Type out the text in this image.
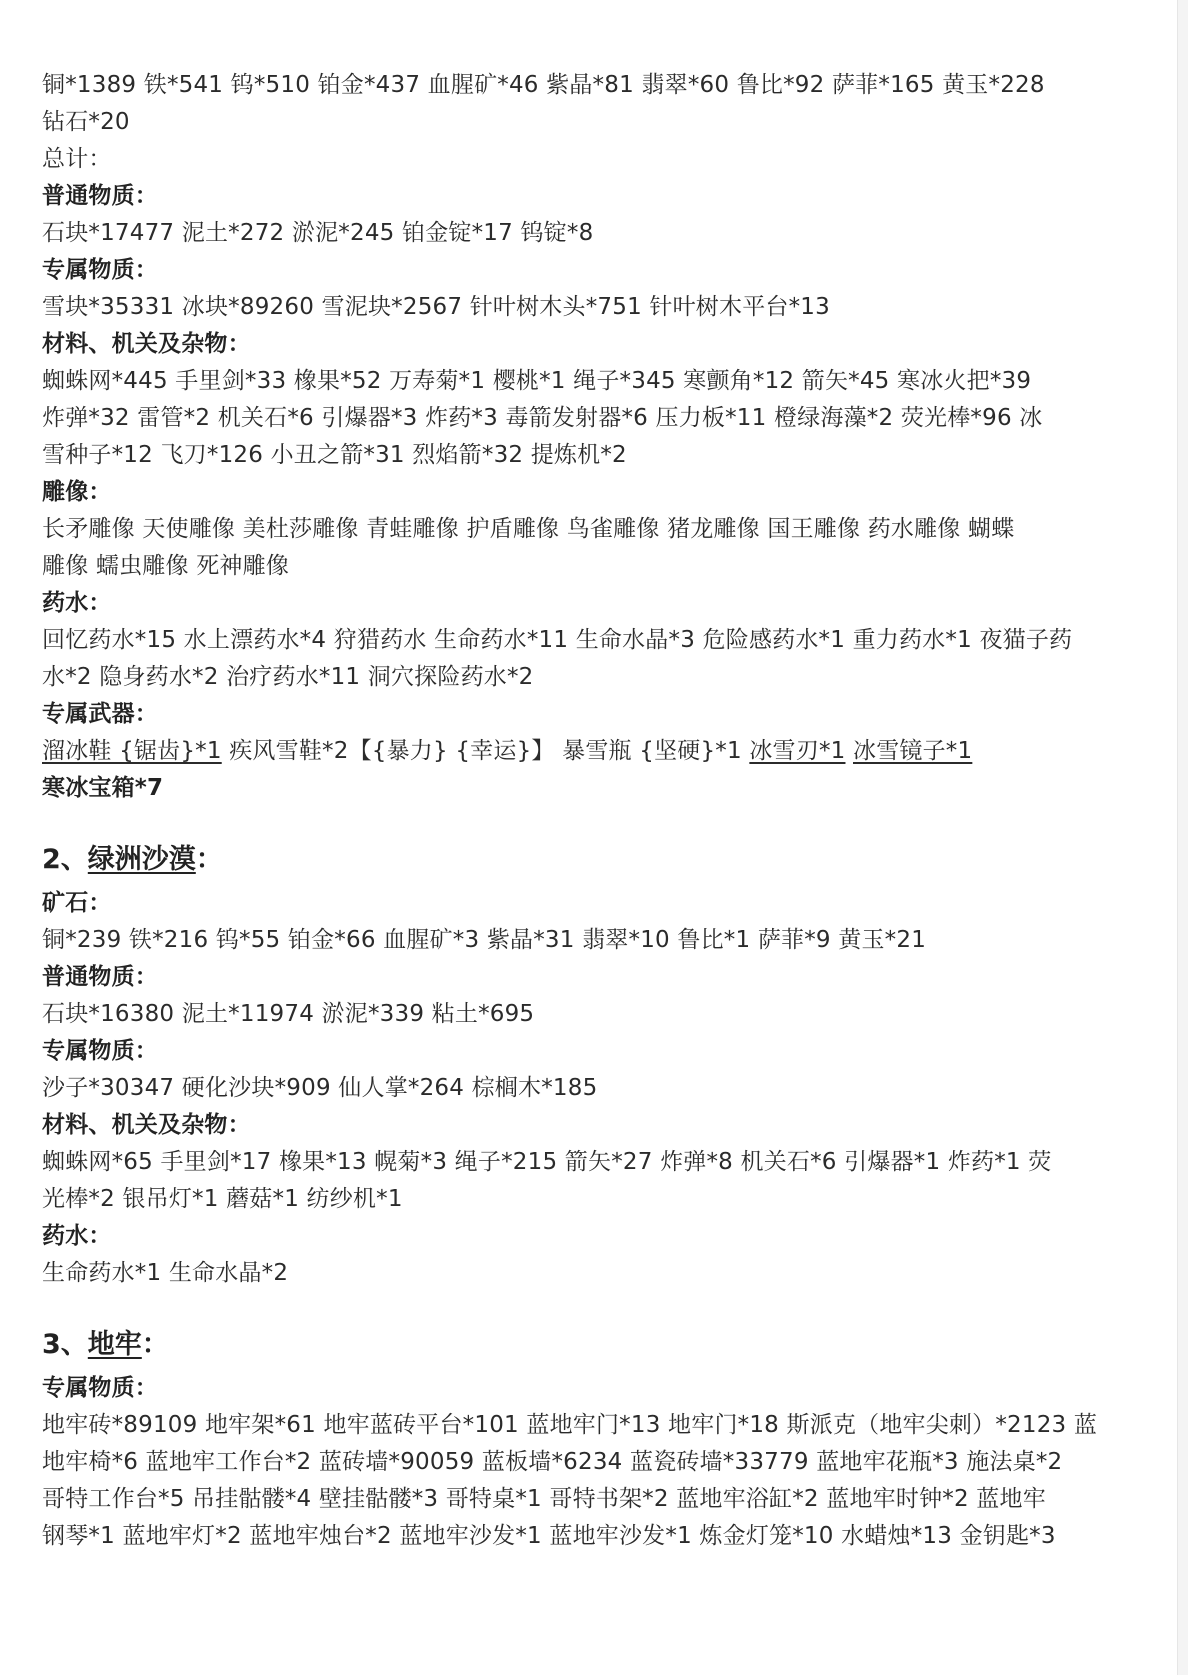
铜*1389 铁*541 钨*510 铂金*437 血腥矿*46 紫晶*81 翡翠*60 鲁比*92 萨菲*165 黄玉*228
钻石*20
总计：
普通物质：
石块*17477 泥土*272 淤泥*245 铂金锭*17 钨锭*8
专属物质：
雪块*35331 冰块*89260 雪泥块*2567 针叶树木头*751 针叶树木平台*13
材料、机关及杂物：
蜘蛛网*445 手里剑*33 橡果*52 万寿菊*1 樱桃*1 绳子*345 寒颤角*12 箭矢*45 寒冰火把*39
炸弹*32 雷管*2 机关石*6 引爆器*3 炸药*3 毒箭发射器*6 压力板*11 橙绿海藻*2 荧光棒*96 冰
雪种子*12 飞刀*126 小丑之箭*31 烈焰箭*32 提炼机*2
雕像：
长矛雕像 天使雕像 美杜莎雕像 青蛙雕像 护盾雕像 鸟雀雕像 猪龙雕像 国王雕像 药水雕像 蝴蝶
雕像 蠕虫雕像 死神雕像
药水：
回忆药水*15 水上漂药水*4 狩猎药水 生命药水*11 生命水晶*3 危险感药水*1 重力药水*1 夜猫子药
水*2 隐身药水*2 治疗药水*11 洞穴探险药水*2
专属武器：
溜冰鞋 {锯齿}*1 疾风雪鞋*2【{暴力} {幸运}】 暴雪瓶 {坚硬}*1 冰雪刃*1 冰雪镜子*1
寒冰宝箱*7
2、绿洲沙漠：
矿石：
铜*239 铁*216 钨*55 铂金*66 血腥矿*3 紫晶*31 翡翠*10 鲁比*1 萨菲*9 黄玉*21
普通物质：
石块*16380 泥土*11974 淤泥*339 粘土*695
专属物质：
沙子*30347 硬化沙块*909 仙人掌*264 棕榈木*185
材料、机关及杂物：
蜘蛛网*65 手里剑*17 橡果*13 幌菊*3 绳子*215 箭矢*27 炸弹*8 机关石*6 引爆器*1 炸药*1 荧
光棒*2 银吊灯*1 蘑菇*1 纺纱机*1
药水：
生命药水*1 生命水晶*2
3、地牢：
专属物质：
地牢砖*89109 地牢架*61 地牢蓝砖平台*101 蓝地牢门*13 地牢门*18 斯派克（地牢尖刺）*2123 蓝
地牢椅*6 蓝地牢工作台*2 蓝砖墙*90059 蓝板墙*6234 蓝瓷砖墙*33779 蓝地牢花瓶*3 施法桌*2
哥特工作台*5 吊挂骷髅*4 壁挂骷髅*3 哥特桌*1 哥特书架*2 蓝地牢浴缸*2 蓝地牢时钟*2 蓝地牢
钢琴*1 蓝地牢灯*2 蓝地牢烛台*2 蓝地牢沙发*1 蓝地牢沙发*1 炼金灯笼*10 水蜡烛*13 金钥匙*3
